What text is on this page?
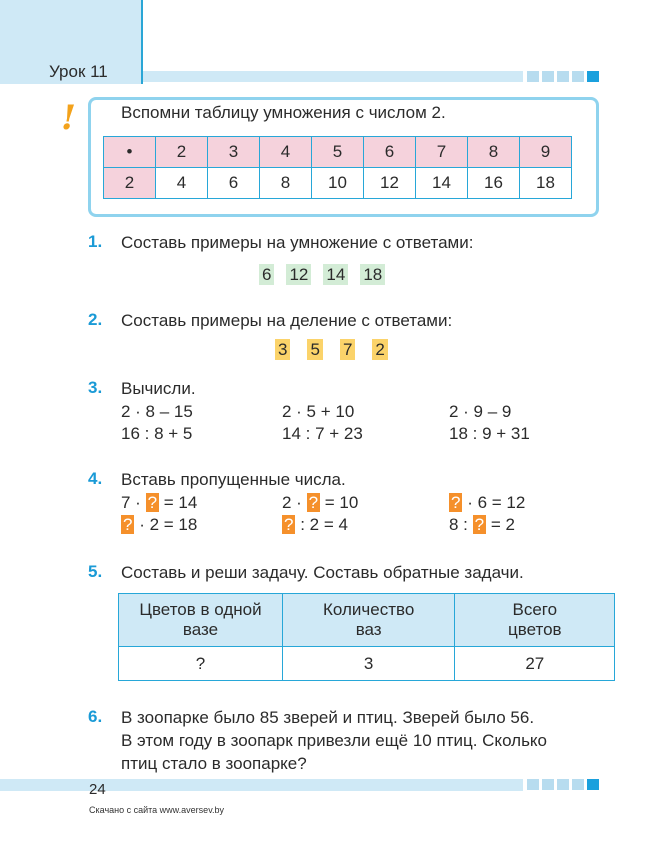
Урок 11
!	Вспомни таблицу умножения с числом 2.
•	2	3	4	5	6	7	8	9
2	4	6	8	10	12	14	16	18
1. Составь примеры на умножение с ответами:
6 12 14 18
2. Составь примеры на деление с ответами:
3 5 7 2
3. Вычисли.
2 · 8 – 15	2 · 5 + 10	2 · 9 – 9
16 : 8 + 5	14 : 7 + 23	18 : 9 + 31
4. Вставь пропущенные числа.
7 · ? = 14	2 · ? = 10	? · 6 = 12
? · 2 = 18	? : 2 = 4	8 : ? = 2
5. Составь и реши задачу. Составь обратные задачи.
Цветов в одной вазе	Количество ваз	Всего цветов
?	3	27
6. В зоопарке было 85 зверей и птиц. Зверей было 56.
В этом году в зоопарк привезли ещё 10 птиц. Сколько
птиц стало в зоопарке?
24
Скачано с сайта www.aversev.by
